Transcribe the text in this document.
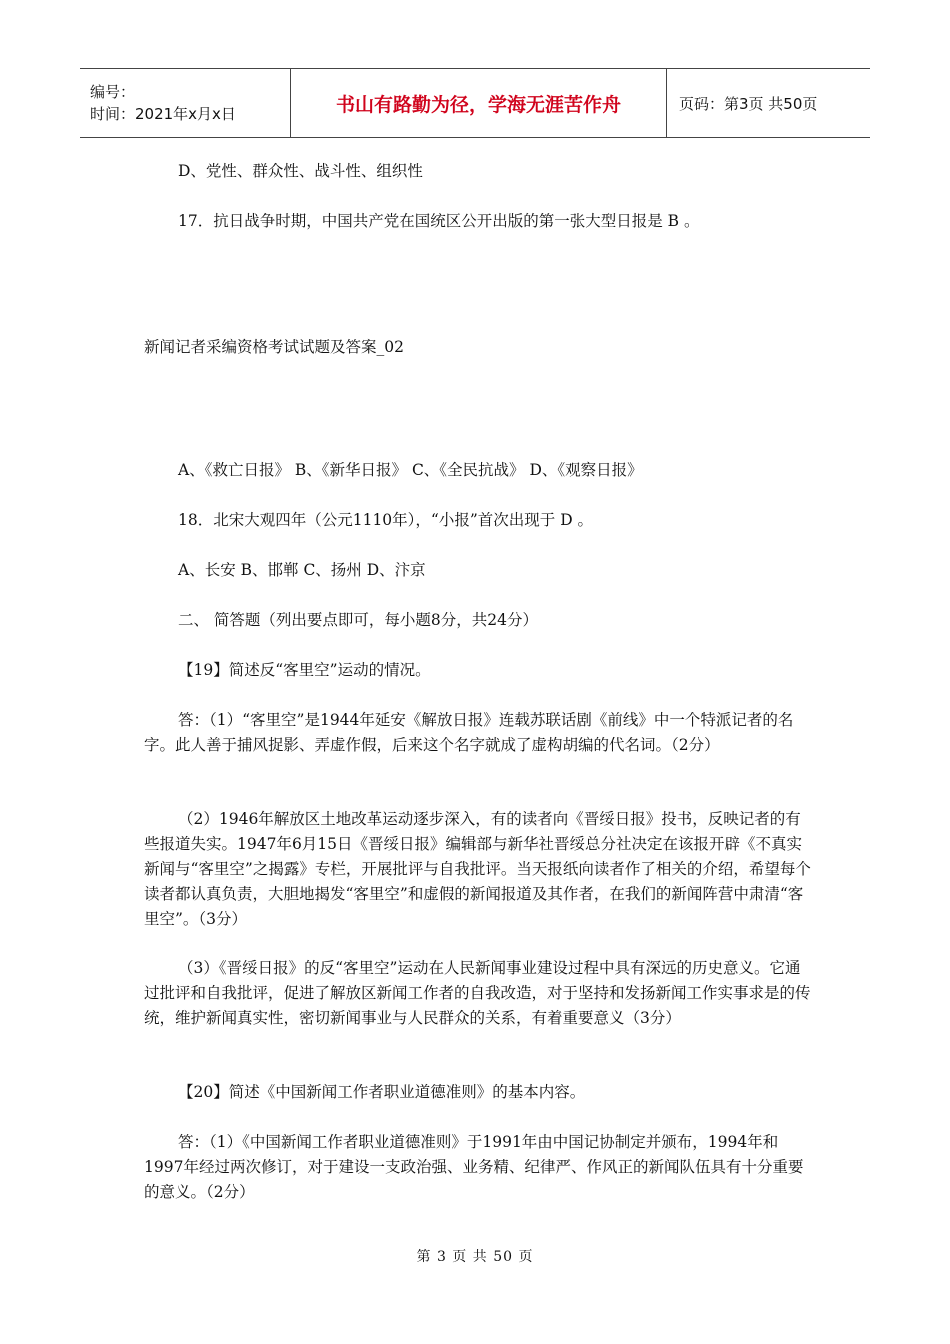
编号：
时间：2021年x月x日	书山有路勤为径，学海无涯苦作舟	页码：第3页 共50页
D、党性、群众性、战斗性、组织性
17．抗日战争时期，中国共产党在国统区公开出版的第一张大型日报是 B 。
新闻记者采编资格考试试题及答案_02
A、《救亡日报》 B、《新华日报》 C、《全民抗战》 D、《观察日报》
18．北宋大观四年（公元1110年），“小报”首次出现于 D 。
A、长安 B、邯郸 C、扬州 D、汴京
二、 简答题（列出要点即可，每小题8分，共24分）
【19】简述反“客里空”运动的情况。
答：（1）“客里空”是1944年延安《解放日报》连载苏联话剧《前线》中一个特派记者的名字。此人善于捕风捉影、弄虚作假，后来这个名字就成了虚构胡编的代名词。（2分）
（2）1946年解放区土地改革运动逐步深入，有的读者向《晋绥日报》投书，反映记者的有些报道失实。1947年6月15日《晋绥日报》编辑部与新华社晋绥总分社决定在该报开辟《不真实新闻与“客里空”之揭露》专栏，开展批评与自我批评。当天报纸向读者作了相关的介绍，希望每个读者都认真负责，大胆地揭发“客里空”和虚假的新闻报道及其作者，在我们的新闻阵营中肃清“客里空”。（3分）
（3）《晋绥日报》的反“客里空”运动在人民新闻事业建设过程中具有深远的历史意义。它通过批评和自我批评，促进了解放区新闻工作者的自我改造，对于坚持和发扬新闻工作实事求是的传统，维护新闻真实性，密切新闻事业与人民群众的关系，有着重要意义（3分）
【20】简述《中国新闻工作者职业道德准则》的基本内容。
答：（1）《中国新闻工作者职业道德准则》于1991年由中国记协制定并颁布，1994年和1997年经过两次修订，对于建设一支政治强、业务精、纪律严、作风正的新闻队伍具有十分重要的意义。（2分）
第 3 页 共 50 页
